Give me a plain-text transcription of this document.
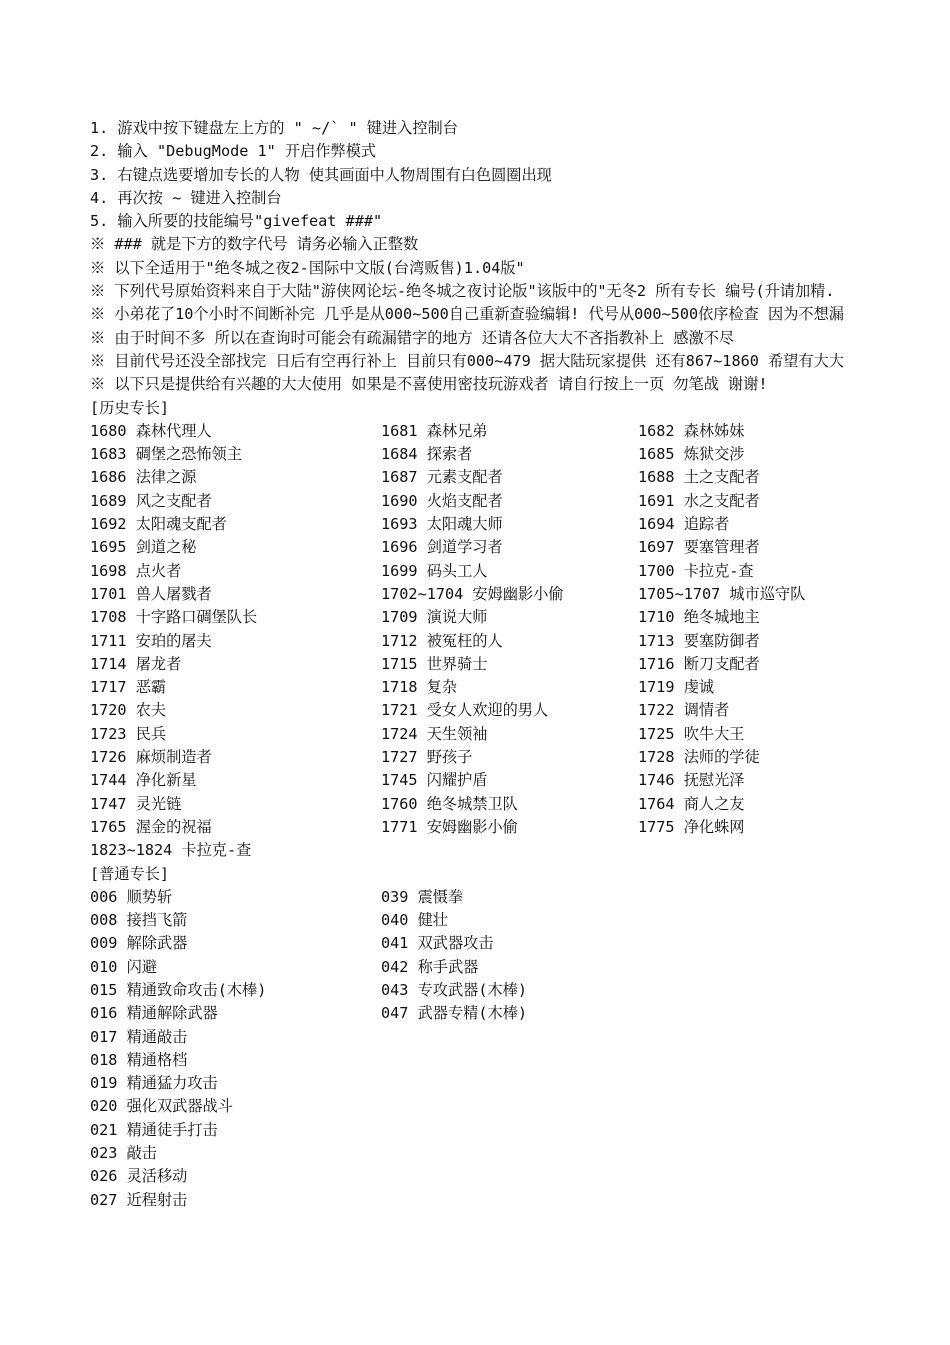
1. 游戏中按下键盘左上方的 " ~/` " 键进入控制台
2. 输入 "DebugMode 1" 开启作弊模式
3. 右键点选要增加专长的人物 使其画面中人物周围有白色圆圈出现
4. 再次按 ~ 键进入控制台
5. 输入所要的技能编号"givefeat ###"
※ ### 就是下方的数字代号 请务必输入正整数
※ 以下全适用于"绝冬城之夜2-国际中文版(台湾贩售)1.04版"
※ 下列代号原始资料来自于大陆"游侠网论坛-绝冬城之夜讨论版"该版中的"无冬2 所有专长 编号(升请加精.
※ 小弟花了10个小时不间断补完 几乎是从000~500自己重新查验编辑! 代号从000~500依序检查 因为不想漏
※ 由于时间不多 所以在查询时可能会有疏漏错字的地方 还请各位大大不吝指教补上 感激不尽
※ 目前代号还没全部找完 日后有空再行补上 目前只有000~479 据大陆玩家提供 还有867~1860 希望有大大
※ 以下只是提供给有兴趣的大大使用 如果是不喜使用密技玩游戏者 请自行按上一页 勿笔战 谢谢!
[历史专长]
1680 森林代理人	1681 森林兄弟	1682 森林姊妹
1683 碉堡之恐怖领主	1684 探索者	1685 炼狱交涉
1686 法律之源	1687 元素支配者	1688 土之支配者
1689 风之支配者	1690 火焰支配者	1691 水之支配者
1692 太阳魂支配者	1693 太阳魂大师	1694 追踪者
1695 剑道之秘	1696 剑道学习者	1697 要塞管理者
1698 点火者	1699 码头工人	1700 卡拉克-查
1701 兽人屠戮者	1702~1704 安姆幽影小偷	1705~1707 城市巡守队
1708 十字路口碉堡队长	1709 演说大师	1710 绝冬城地主
1711 安珀的屠夫	1712 被冤枉的人	1713 要塞防御者
1714 屠龙者	1715 世界骑士	1716 断刀支配者
1717 恶霸	1718 复杂	1719 虔诚
1720 农夫	1721 受女人欢迎的男人	1722 调情者
1723 民兵	1724 天生领袖	1725 吹牛大王
1726 麻烦制造者	1727 野孩子	1728 法师的学徒
1744 净化新星	1745 闪耀护盾	1746 抚慰光泽
1747 灵光链	1760 绝冬城禁卫队	1764 商人之友
1765 渥金的祝福	1771 安姆幽影小偷	1775 净化蛛网
1823~1824 卡拉克-查
[普通专长]
006 顺势斩	039 震慑拳
008 接挡飞箭	040 健壮
009 解除武器	041 双武器攻击
010 闪避	042 称手武器
015 精通致命攻击(木棒)	043 专攻武器(木棒)
016 精通解除武器	047 武器专精(木棒)
017 精通敲击
018 精通格档
019 精通猛力攻击
020 强化双武器战斗
021 精通徒手打击
023 敲击
026 灵活移动
027 近程射击
